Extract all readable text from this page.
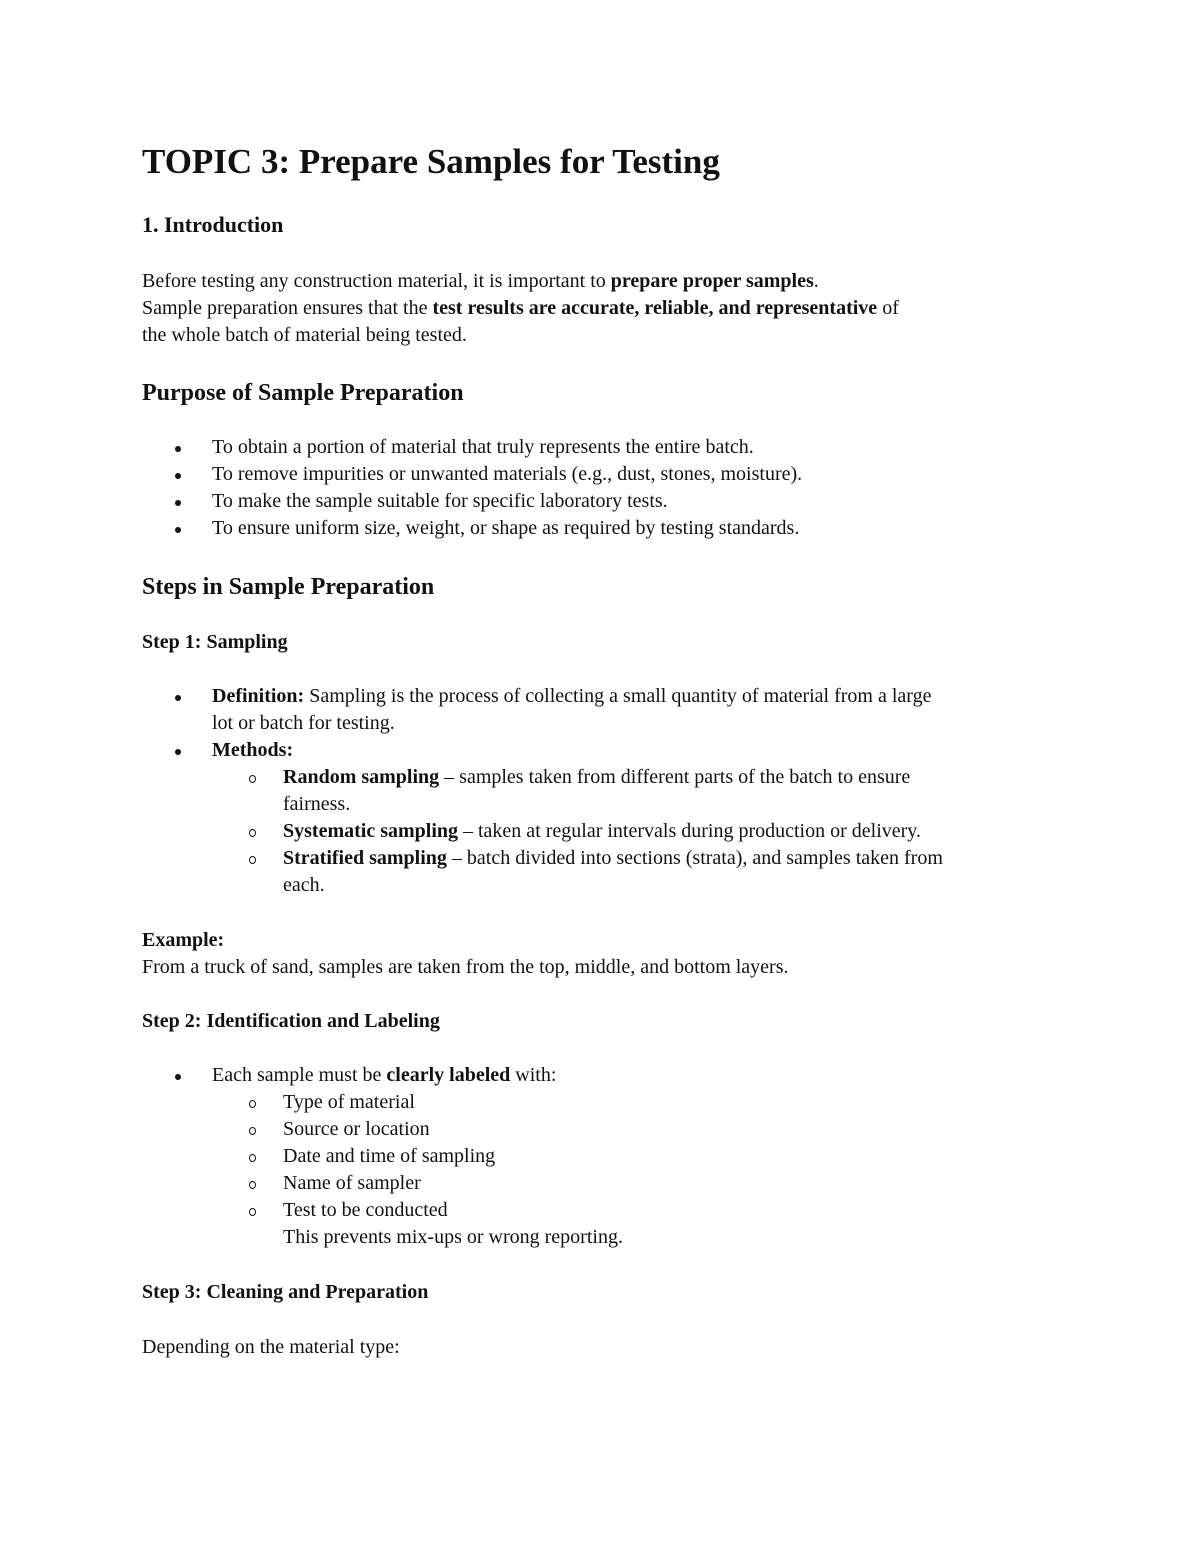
TOPIC 3: Prepare Samples for Testing
1. Introduction

Before testing any construction material, it is important to prepare proper samples.

Sample preparation ensures that the test results are accurate, reliable, and representative of

the whole batch of material being tested.

Purpose of Sample Preparation
To obtain a portion of material that truly represents the entire batch.
To remove impurities or unwanted materials (e.g., dust, stones, moisture).
To make the sample suitable for specific laboratory tests.
To ensure uniform size, weight, or shape as required by testing standards.
Steps in Sample Preparation
Step 1: Sampling
Definition: Sampling is the process of collecting a small quantity of material from a large
lot or batch for testing.
Methods:
Random sampling – samples taken from different parts of the batch to ensure
fairness.
Systematic sampling – taken at regular intervals during production or delivery.
Stratified sampling – batch divided into sections (strata), and samples taken from
each.

Example:

From a truck of sand, samples are taken from the top, middle, and bottom layers.

Step 2: Identification and Labeling
Each sample must be clearly labeled with:
Type of material
Source or location
Date and time of sampling
Name of sampler
Test to be conducted
This prevents mix-ups or wrong reporting.
Step 3: Cleaning and Preparation

Depending on the material type:
